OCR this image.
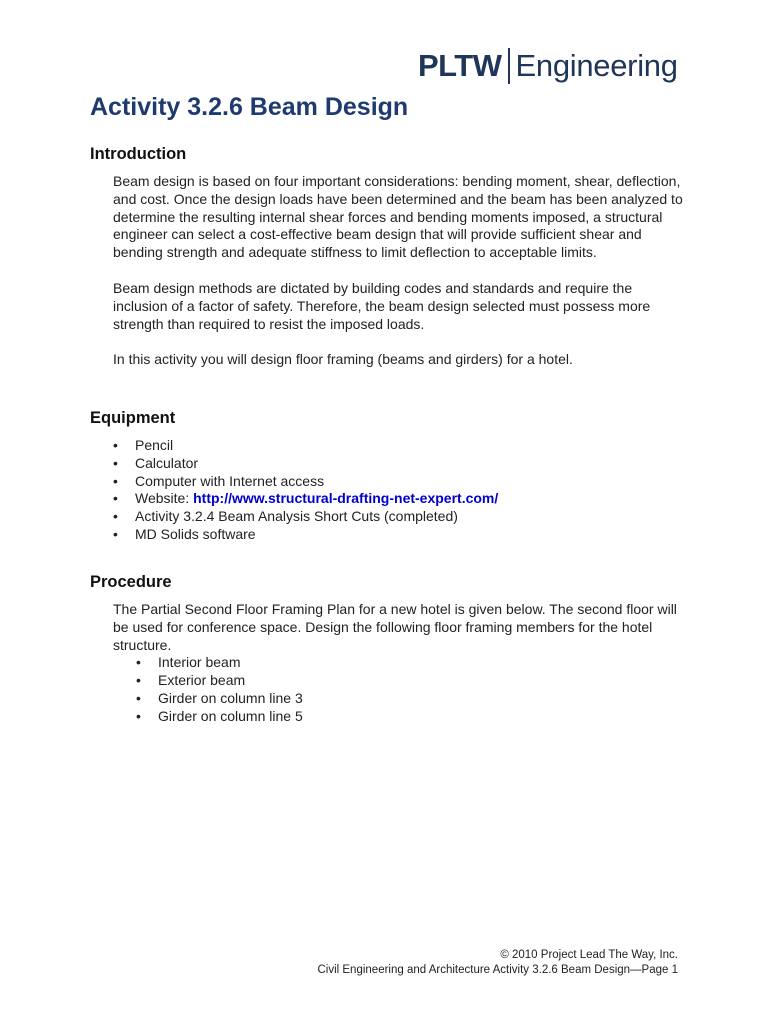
PLTW Engineering
Activity 3.2.6 Beam Design
Introduction

Beam design is based on four important considerations: bending moment, shear, deflection, and cost. Once the design loads have been determined and the beam has been analyzed to determine the resulting internal shear forces and bending moments imposed, a structural engineer can select a cost-effective beam design that will provide sufficient shear and bending strength and adequate stiffness to limit deflection to acceptable limits.

Beam design methods are dictated by building codes and standards and require the inclusion of a factor of safety. Therefore, the beam design selected must possess more strength than required to resist the imposed loads.

In this activity you will design floor framing (beams and girders) for a hotel.

Equipment
• Pencil
• Calculator
• Computer with Internet access
• Website: http://www.structural-drafting-net-expert.com/
• Activity 3.2.4 Beam Analysis Short Cuts (completed)
• MD Solids software
Procedure

The Partial Second Floor Framing Plan for a new hotel is given below. The second floor will be used for conference space. Design the following floor framing members for the hotel structure.

• Interior beam
• Exterior beam
• Girder on column line 3
• Girder on column line 5
© 2010 Project Lead The Way, Inc.
Civil Engineering and Architecture Activity 3.2.6 Beam Design—Page 1
